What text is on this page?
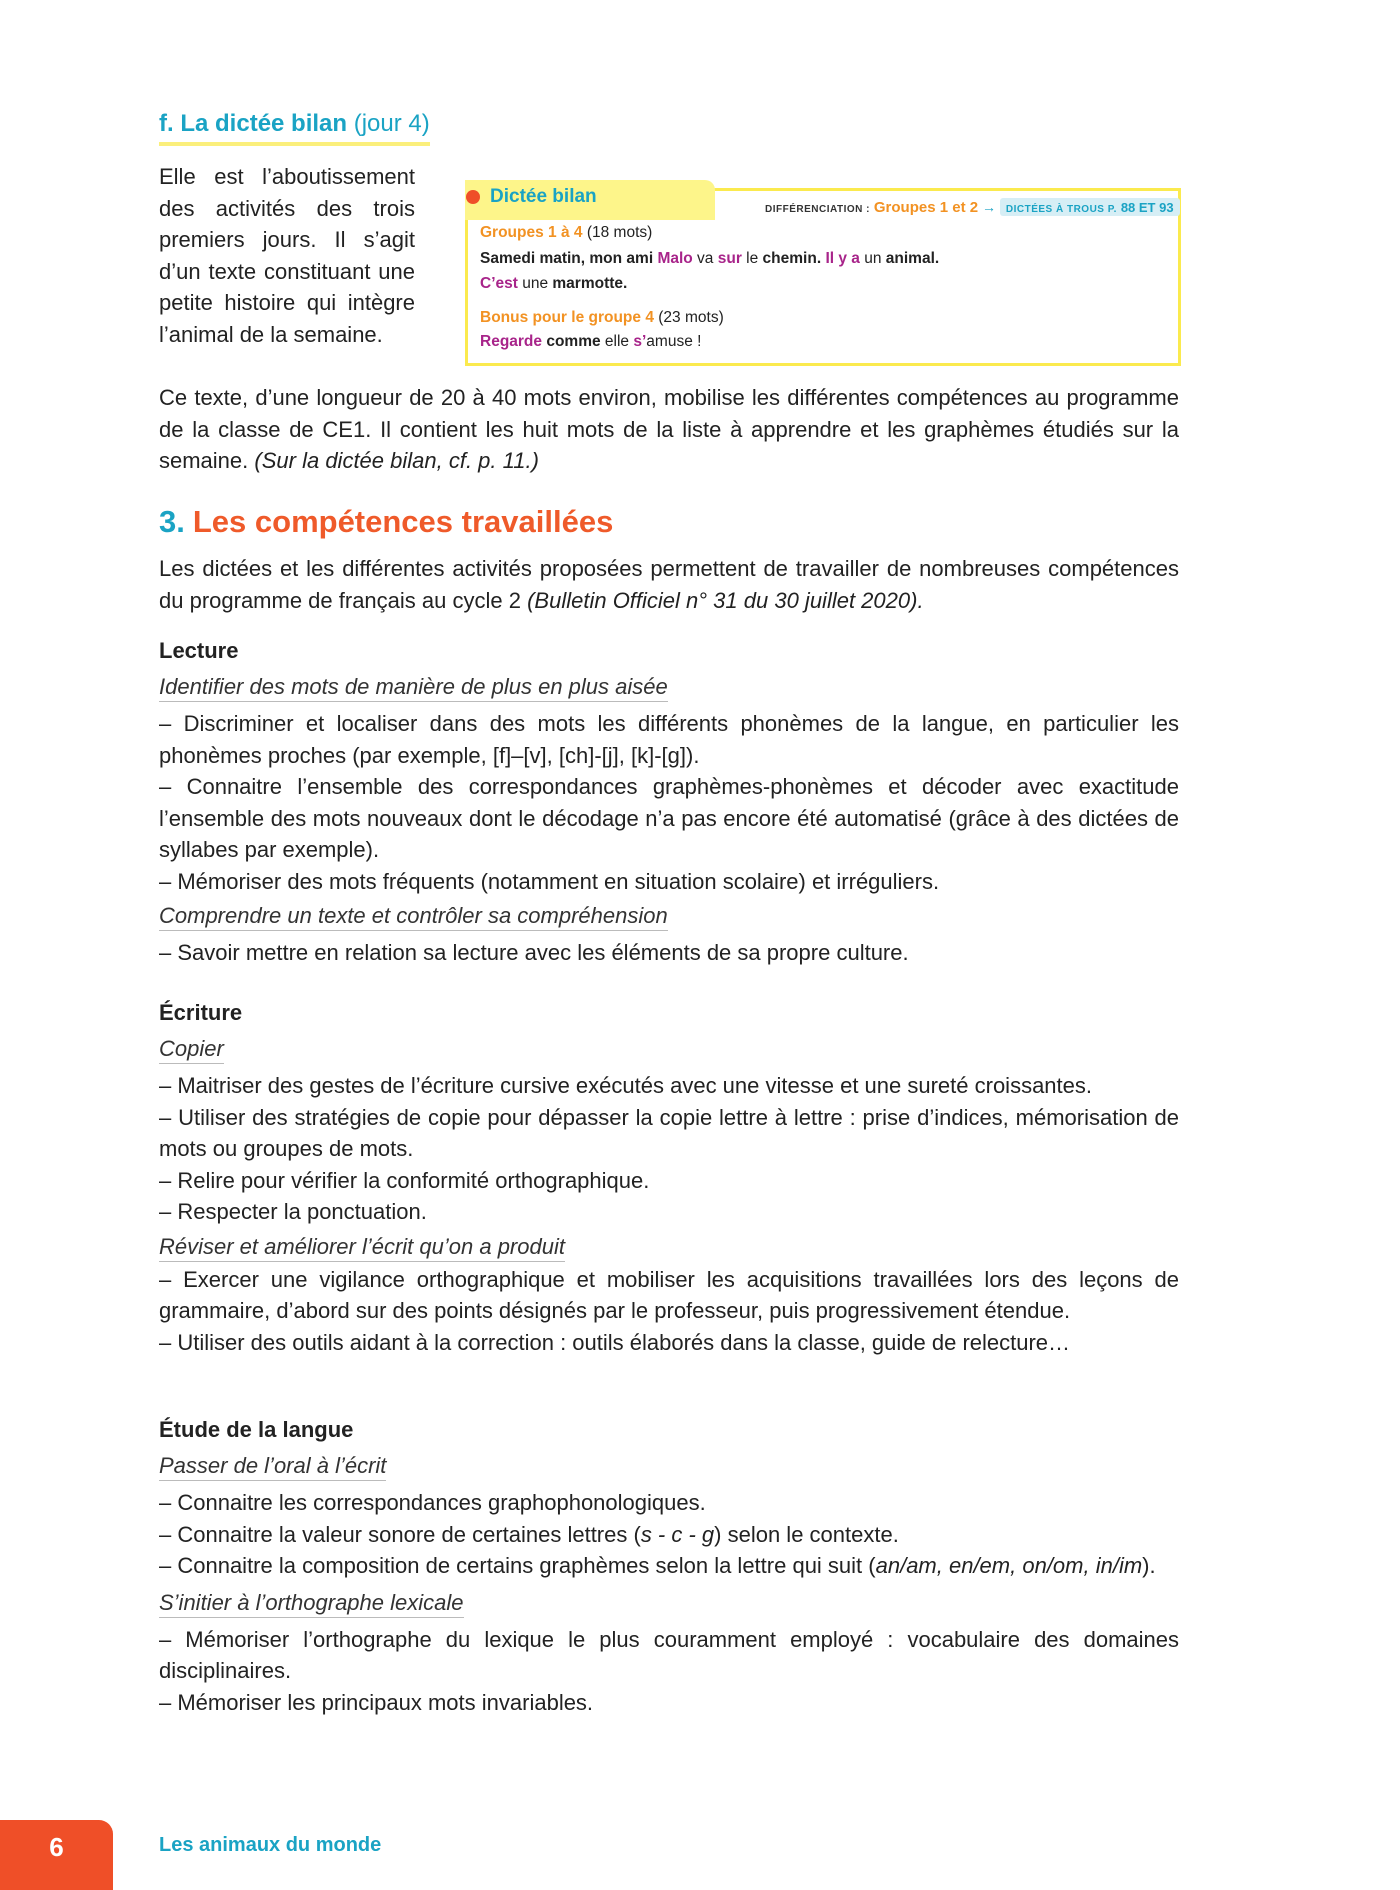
f. La dictée bilan (jour 4)

Elle est l’aboutissement des activités des trois premiers jours. Il s’agit d’un texte constituant une petite histoire qui intègre l’animal de la semaine.

Dictée bilan
DIFFÉRENCIATION : Groupes 1 et 2 → DICTÉES À TROUS P. 88 ET 93
Groupes 1 à 4 (18 mots)
Samedi matin, mon ami Malo va sur le chemin. Il y a un animal.
C’est une marmotte.
Bonus pour le groupe 4 (23 mots)
Regarde comme elle s’amuse !

Ce texte, d’une longueur de 20 à 40 mots environ, mobilise les différentes compétences au programme de la classe de CE1. Il contient les huit mots de la liste à apprendre et les graphèmes étudiés sur la semaine. (Sur la dictée bilan, cf. p. 11.)

3. Les compétences travaillées

Les dictées et les différentes activités proposées permettent de travailler de nombreuses compétences du programme de français au cycle 2 (Bulletin Officiel n° 31 du 30 juillet 2020).

Lecture
Identifier des mots de manière de plus en plus aisée

– Discriminer et localiser dans des mots les différents phonèmes de la langue, en particulier les phonèmes proches (par exemple, [f]–[v], [ch]-[j], [k]-[g]).

– Connaitre l’ensemble des correspondances graphèmes-phonèmes et décoder avec exactitude l’ensemble des mots nouveaux dont le décodage n’a pas encore été automatisé (grâce à des dictées de syllabes par exemple).

– Mémoriser des mots fréquents (notamment en situation scolaire) et irréguliers.

Comprendre un texte et contrôler sa compréhension

– Savoir mettre en relation sa lecture avec les éléments de sa propre culture.

Écriture
Copier

– Maitriser des gestes de l’écriture cursive exécutés avec une vitesse et une sureté croissantes.

– Utiliser des stratégies de copie pour dépasser la copie lettre à lettre : prise d’indices, mémorisation de mots ou groupes de mots.

– Relire pour vérifier la conformité orthographique.

– Respecter la ponctuation.

Réviser et améliorer l’écrit qu’on a produit

– Exercer une vigilance orthographique et mobiliser les acquisitions travaillées lors des leçons de grammaire, d’abord sur des points désignés par le professeur, puis progressivement étendue.

– Utiliser des outils aidant à la correction : outils élaborés dans la classe, guide de relecture…

Étude de la langue
Passer de l’oral à l’écrit

– Connaitre les correspondances graphophonologiques.

– Connaitre la valeur sonore de certaines lettres (s - c - g) selon le contexte.

– Connaitre la composition de certains graphèmes selon la lettre qui suit (an/am, en/em, on/om, in/im).

S’initier à l’orthographe lexicale

– Mémoriser l’orthographe du lexique le plus couramment employé : vocabulaire des domaines disciplinaires.

– Mémoriser les principaux mots invariables.

6	Les animaux du monde
